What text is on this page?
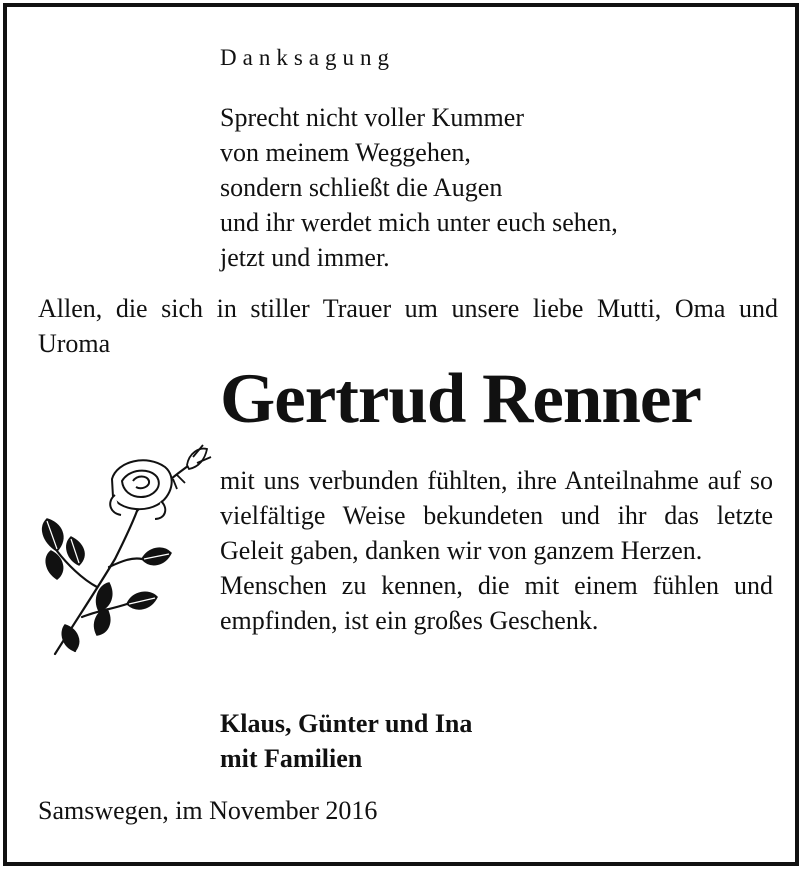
Danksagung
Sprecht nicht voller Kummer
von meinem Weggehen,
sondern schließt die Augen
und ihr werdet mich unter euch sehen,
jetzt und immer.
Allen, die sich in stiller Trauer um unsere liebe Mutti, Oma und Uroma
Gertrud Renner

mit uns verbunden fühlten, ihre Anteilnahme auf so vielfältige Weise bekundeten und ihr das letzte Geleit gaben, danken wir von ganzem Herzen.

Menschen zu kennen, die mit einem fühlen und empfinden, ist ein großes Geschenk.

Klaus, Günter und Ina
mit Familien
Samswegen, im November 2016
